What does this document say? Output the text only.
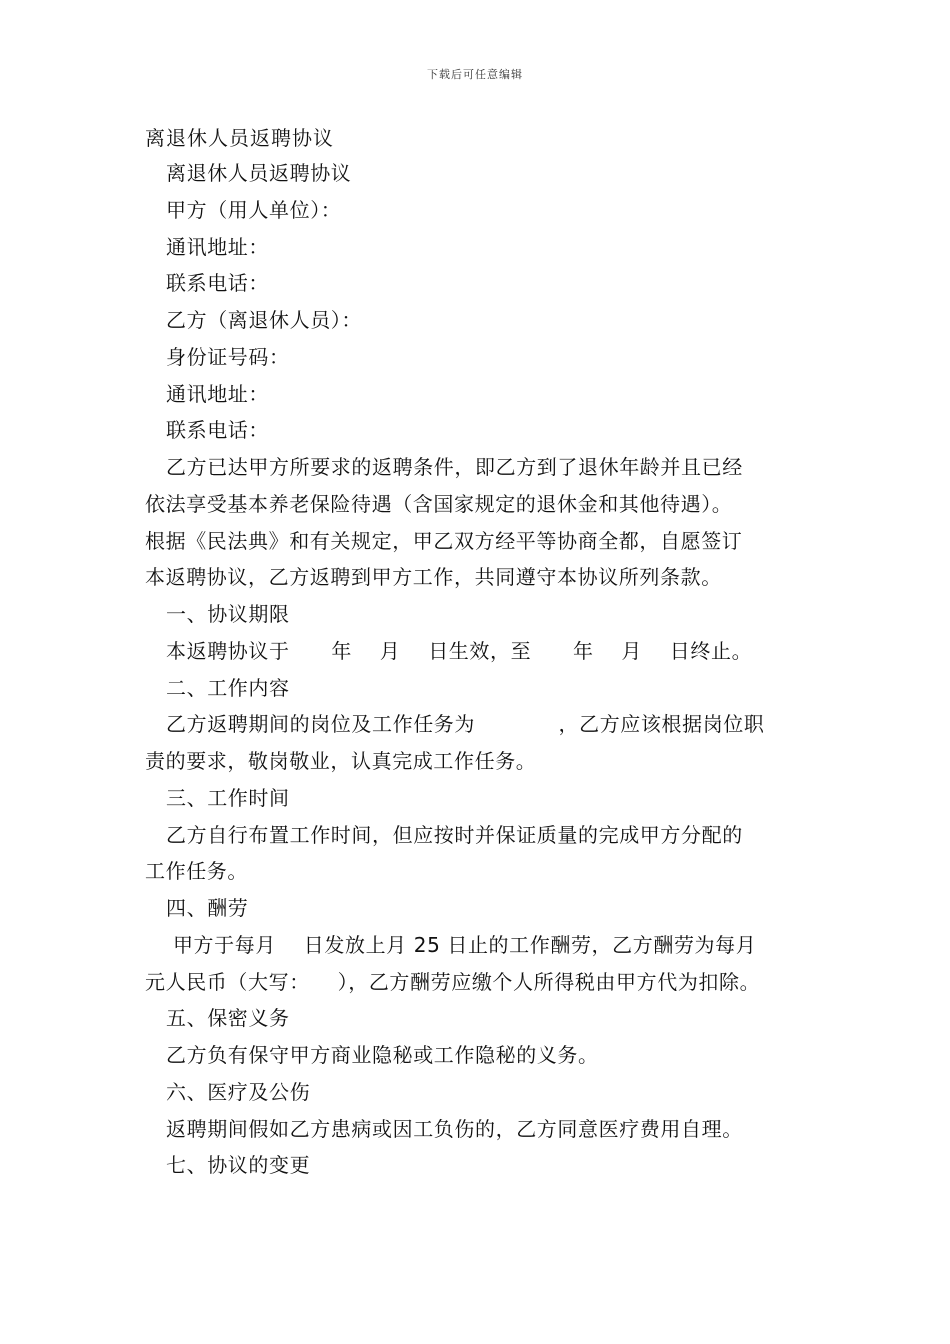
下载后可任意编辑
离退休人员返聘协议
离退休人员返聘协议
甲方（用人单位）：
通讯地址：
联系电话：
乙方（离退休人员）：
身份证号码：
通讯地址：
联系电话：
乙方已达甲方所要求的返聘条件，即乙方到了退休年龄并且已经
依法享受基本养老保险待遇（含国家规定的退休金和其他待遇）。
根据《民法典》和有关规定，甲乙双方经平等协商全都，自愿签订
本返聘协议，乙方返聘到甲方工作，共同遵守本协议所列条款。
一、协议期限
本返聘协议于      年    月    日生效，至      年    月    日终止。
二、工作内容
乙方返聘期间的岗位及工作任务为            ，乙方应该根据岗位职
责的要求，敬岗敬业，认真完成工作任务。
三、工作时间
乙方自行布置工作时间，但应按时并保证质量的完成甲方分配的
工作任务。
四、酬劳
甲方于每月    日发放上月 25 日止的工作酬劳，乙方酬劳为每月
元人民币（大写：    ），乙方酬劳应缴个人所得税由甲方代为扣除。
五、保密义务
乙方负有保守甲方商业隐秘或工作隐秘的义务。
六、医疗及公伤
返聘期间假如乙方患病或因工负伤的，乙方同意医疗费用自理。
七、协议的变更
